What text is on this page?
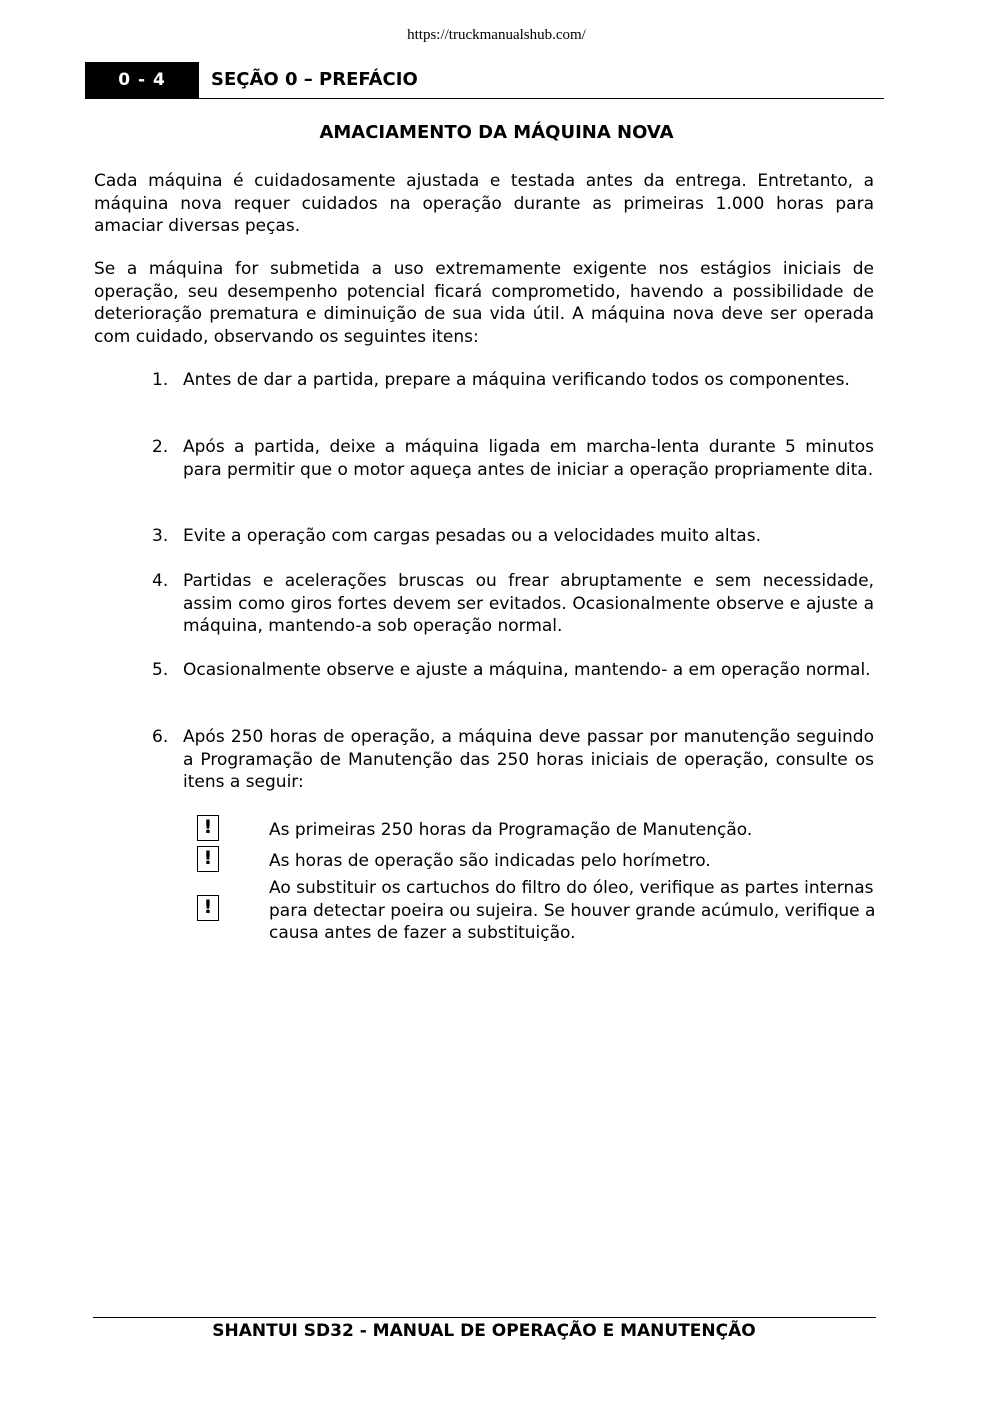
https://truckmanualshub.com/
0 - 4	SEÇÃO 0 – PREFÁCIO
AMACIAMENTO DA MÁQUINA NOVA
Cada máquina é cuidadosamente ajustada e testada antes da entrega. Entretanto, a máquina nova requer cuidados na operação durante as primeiras 1.000 horas para amaciar diversas peças.
Se a máquina for submetida a uso extremamente exigente nos estágios iniciais de operação, seu desempenho potencial ficará comprometido, havendo a possibilidade de deterioração prematura e diminuição de sua vida útil. A máquina nova deve ser operada com cuidado, observando os seguintes itens:
1. Antes de dar a partida, prepare a máquina verificando todos os componentes.
2. Após a partida, deixe a máquina ligada em marcha-lenta durante 5 minutos para permitir que o motor aqueça antes de iniciar a operação propriamente dita.
3. Evite a operação com cargas pesadas ou a velocidades muito altas.
4. Partidas e acelerações bruscas ou frear abruptamente e sem necessidade, assim como giros fortes devem ser evitados. Ocasionalmente observe e ajuste a máquina, mantendo-a sob operação normal.
5. Ocasionalmente observe e ajuste a máquina, mantendo- a em operação normal.
6. Após 250 horas de operação, a máquina deve passar por manutenção seguindo a Programação de Manutenção das 250 horas iniciais de operação, consulte os itens a seguir:
!	As primeiras 250 horas da Programação de Manutenção.
!	As horas de operação são indicadas pelo horímetro.
!
Ao substituir os cartuchos do filtro do óleo, verifique as partes internas para detectar poeira ou sujeira. Se houver grande acúmulo, verifique a causa antes de fazer a substituição.
SHANTUI SD32 - MANUAL DE OPERAÇÃO E MANUTENÇÃO
